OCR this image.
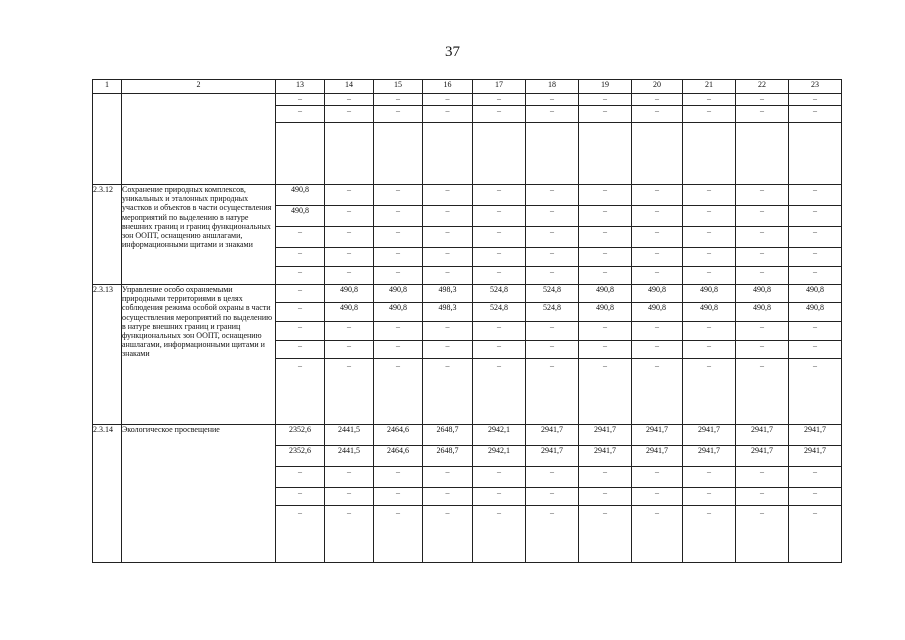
37
1	2	13	14	15	16	17	18	19	20	21	22	23
		–	–	–	–	–	–	–	–	–	–	–
		–	–	–	–	–	–	–	–	–	–	–

2.3.12	Сохранение природных комплексов, уникальных и эталонных природных участков и объектов в части осуществления мероприятий по выделению в натуре внешних границ и границ функциональных зон ООПТ, оснащению аншлагами, информационными щитами и знаками	490,8	–	–	–	–	–	–	–	–	–	–
		490,8	–	–	–	–	–	–	–	–	–	–
		–	–	–	–	–	–	–	–	–	–	–
		–	–	–	–	–	–	–	–	–	–	–
		–	–	–	–	–	–	–	–	–	–	–
2.3.13	Управление особо охраняемыми природными территориями в целях соблюдения режима особой охраны в части осуществления мероприятий по выделению в натуре внешних границ и границ функциональных зон ООПТ, оснащению аншлагами, информационными щитами и знаками	–	490,8	490,8	498,3	524,8	524,8	490,8	490,8	490,8	490,8	490,8
		–	490,8	490,8	498,3	524,8	524,8	490,8	490,8	490,8	490,8	490,8
		–	–	–	–	–	–	–	–	–	–	–
		–	–	–	–	–	–	–	–	–	–	–
		–	–	–	–	–	–	–	–	–	–	–
2.3.14	Экологическое просвещение	2352,6	2441,5	2464,6	2648,7	2942,1	2941,7	2941,7	2941,7	2941,7	2941,7	2941,7
		2352,6	2441,5	2464,6	2648,7	2942,1	2941,7	2941,7	2941,7	2941,7	2941,7	2941,7
		–	–	–	–	–	–	–	–	–	–	–
		–	–	–	–	–	–	–	–	–	–	–
		–	–	–	–	–	–	–	–	–	–	–
